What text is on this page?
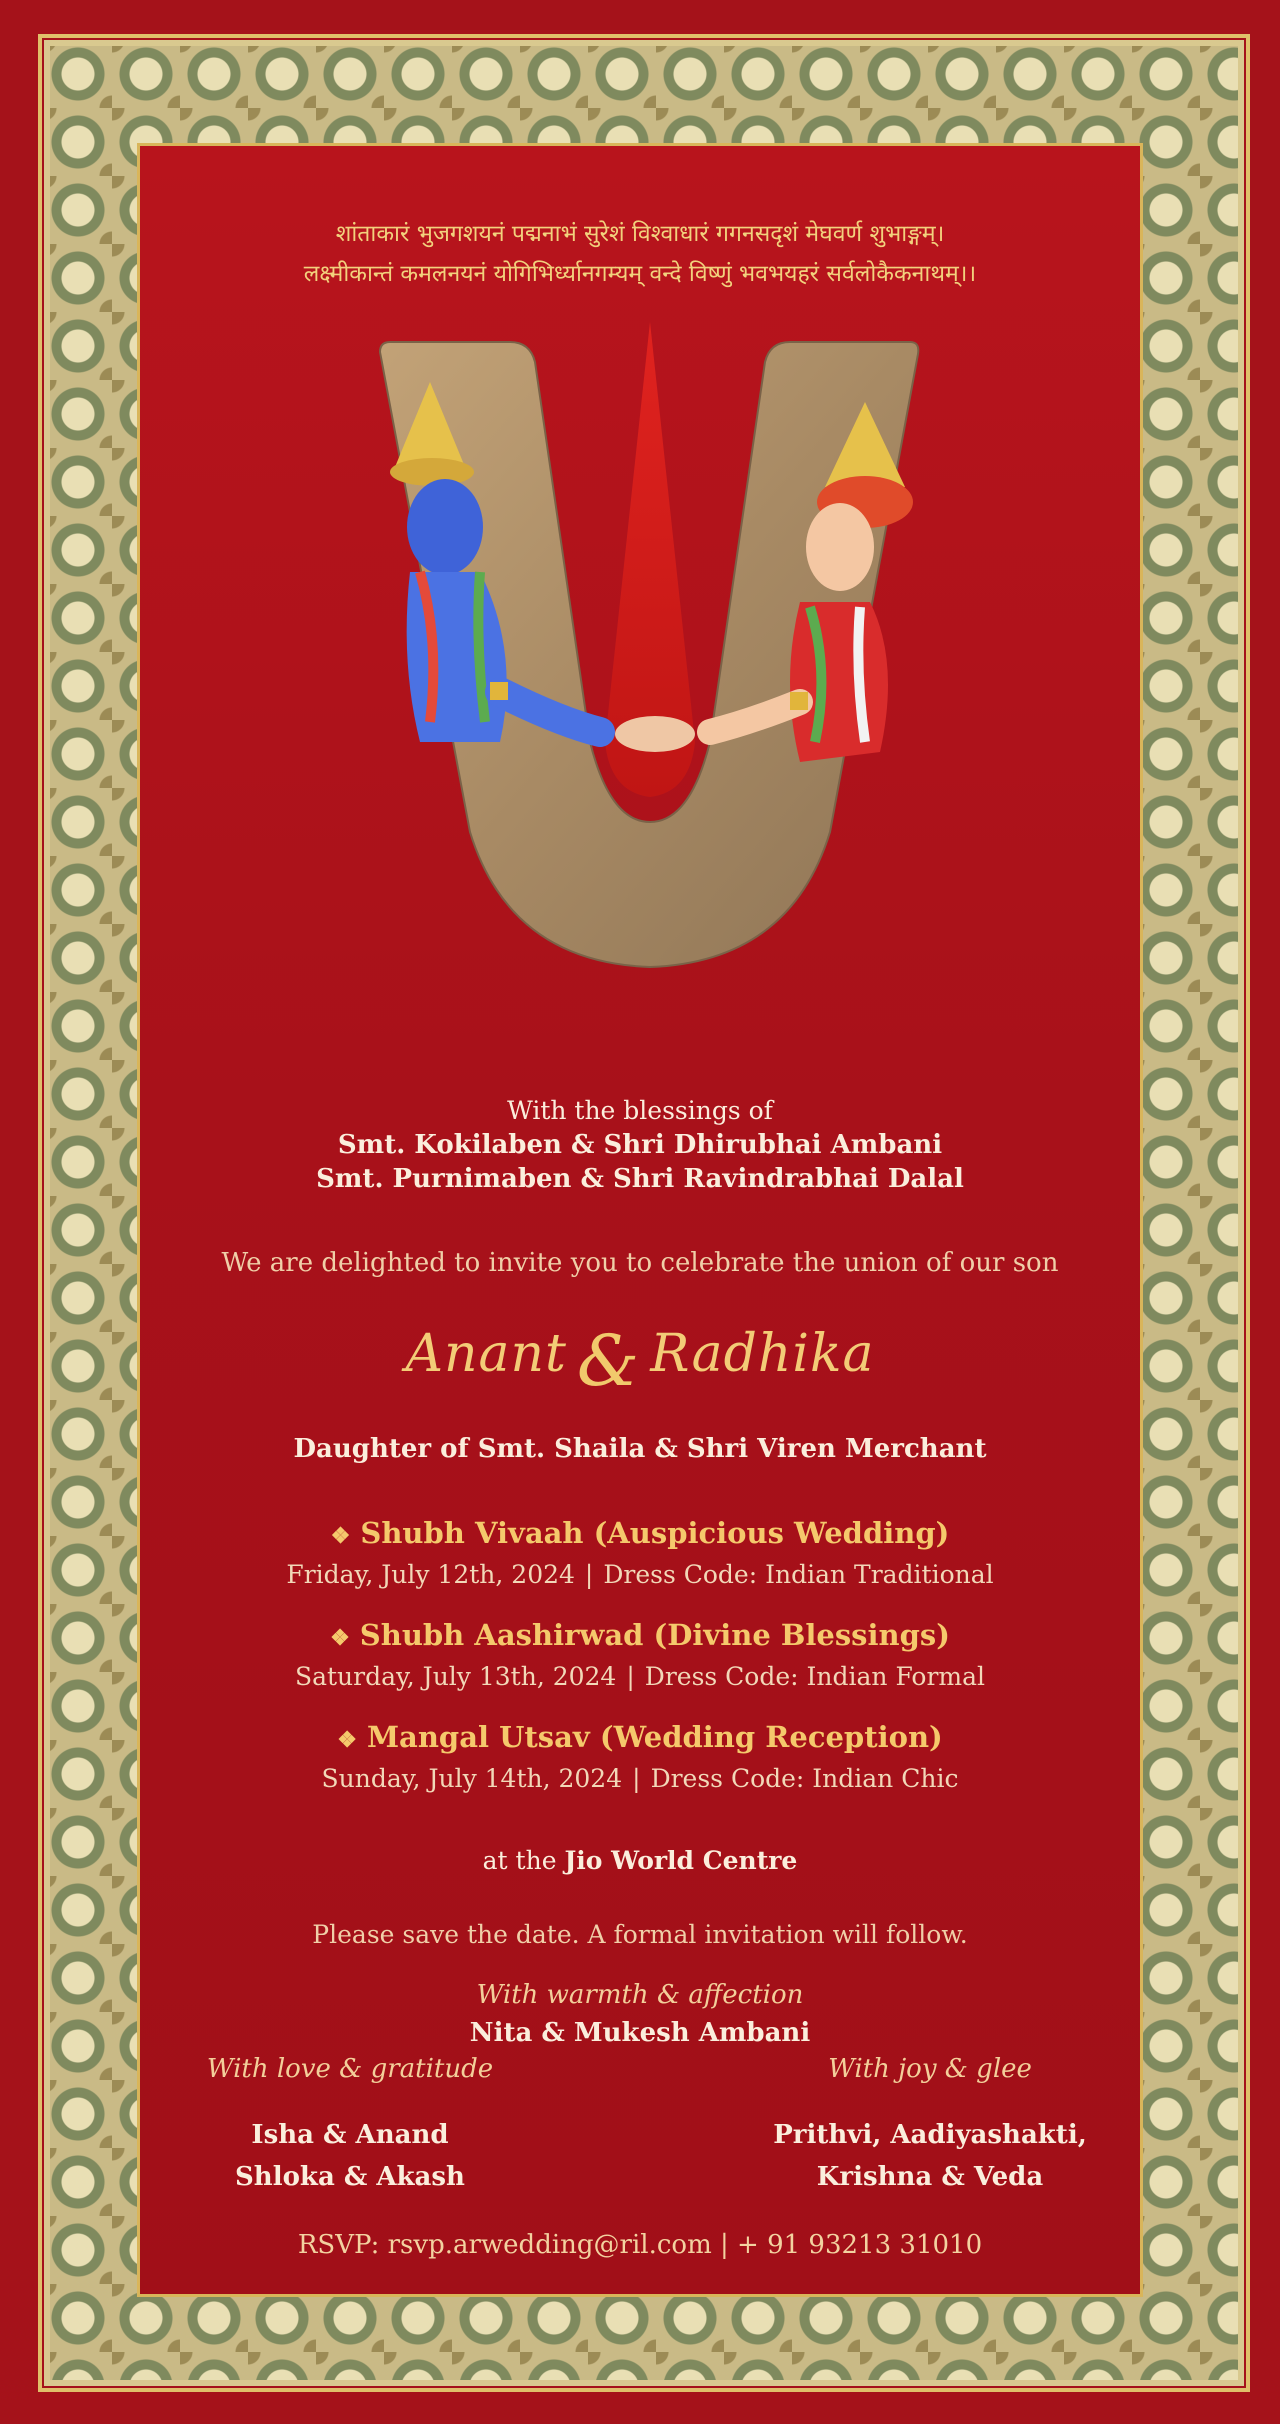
शांताकारं भुजगशयनं पद्मनाभं सुरेशं विश्वाधारं गगनसदृशं मेघवर्ण शुभाङ्गम्।
लक्ष्मीकान्तं कमलनयनं योगिभिर्ध्यानगम्यम् वन्दे विष्णुं भवभयहरं सर्वलोकैकनाथम्।।
With the blessings of
Smt. Kokilaben & Shri Dhirubhai Ambani
Smt. Purnimaben & Shri Ravindrabhai Dalal
We are delighted to invite you to celebrate the union of our son
Anant & Radhika
Daughter of Smt. Shaila & Shri Viren Merchant
❖ Shubh Vivaah (Auspicious Wedding)
Friday, July 12th, 2024 | Dress Code: Indian Traditional
❖ Shubh Aashirwad (Divine Blessings)
Saturday, July 13th, 2024 | Dress Code: Indian Formal
❖ Mangal Utsav (Wedding Reception)
Sunday, July 14th, 2024 | Dress Code: Indian Chic
at the Jio World Centre
Please save the date. A formal invitation will follow.
With warmth & affection
Nita & Mukesh Ambani
With love & gratitude	With joy & glee
Isha & Anand
Shloka & Akash
Prithvi, Aadiyashakti,
Krishna & Veda
RSVP: rsvp.arwedding@ril.com | + 91 93213 31010
